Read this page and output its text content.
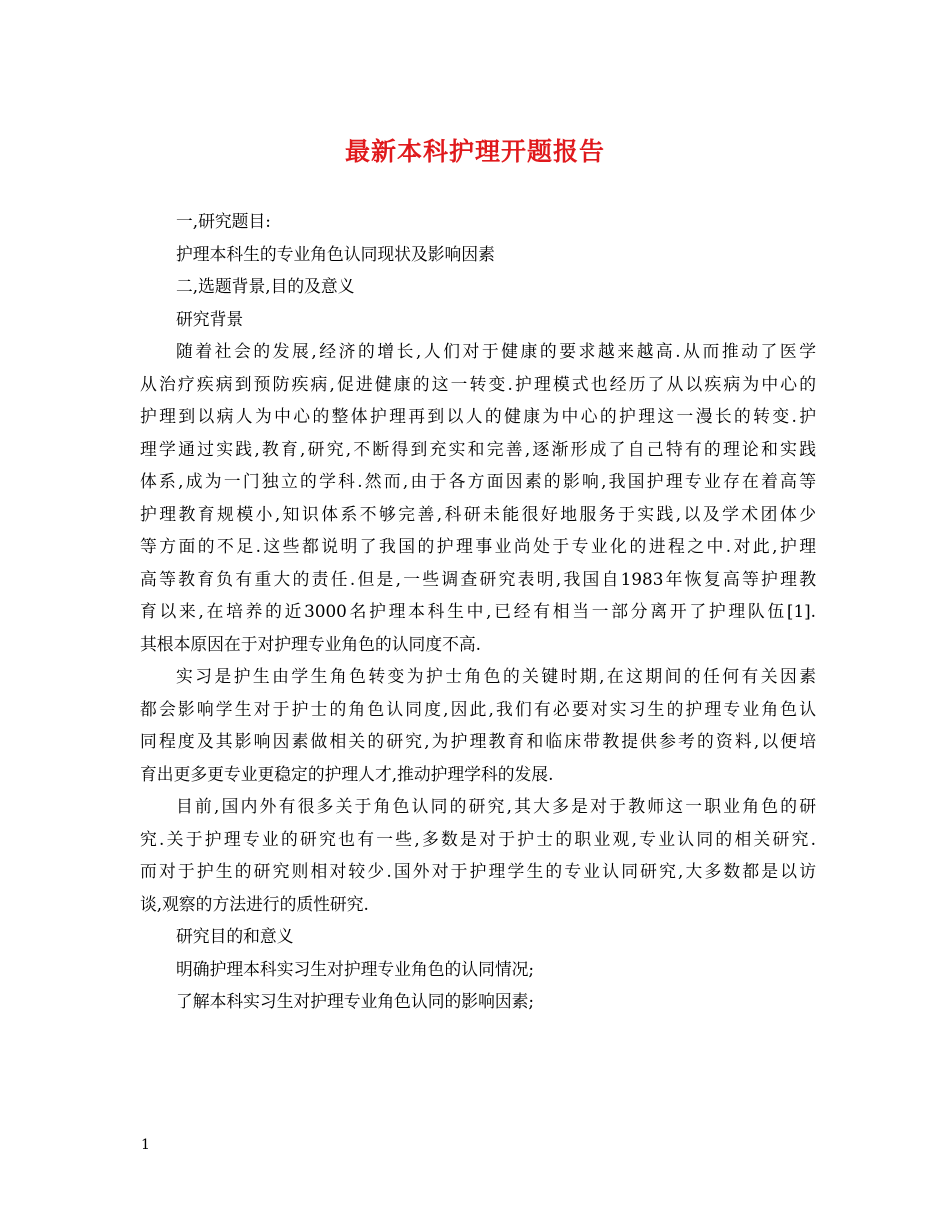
最新本科护理开题报告
一,研究题目:
护理本科生的专业角色认同现状及影响因素
二,选题背景,目的及意义
研究背景
随着社会的发展,经济的增长,人们对于健康的要求越来越高.从而推动了医学
从治疗疾病到预防疾病,促进健康的这一转变.护理模式也经历了从以疾病为中心的
护理到以病人为中心的整体护理再到以人的健康为中心的护理这一漫长的转变.护
理学通过实践,教育,研究,不断得到充实和完善,逐渐形成了自己特有的理论和实践
体系,成为一门独立的学科.然而,由于各方面因素的影响,我国护理专业存在着高等
护理教育规模小,知识体系不够完善,科研未能很好地服务于实践,以及学术团体少
等方面的不足.这些都说明了我国的护理事业尚处于专业化的进程之中.对此,护理
高等教育负有重大的责任.但是,一些调查研究表明,我国自1983年恢复高等护理教
育以来,在培养的近3000名护理本科生中,已经有相当一部分离开了护理队伍[1].
其根本原因在于对护理专业角色的认同度不高.
实习是护生由学生角色转变为护士角色的关键时期,在这期间的任何有关因素
都会影响学生对于护士的角色认同度,因此,我们有必要对实习生的护理专业角色认
同程度及其影响因素做相关的研究,为护理教育和临床带教提供参考的资料,以便培
育出更多更专业更稳定的护理人才,推动护理学科的发展.
目前,国内外有很多关于角色认同的研究,其大多是对于教师这一职业角色的研
究.关于护理专业的研究也有一些,多数是对于护士的职业观,专业认同的相关研究.
而对于护生的研究则相对较少.国外对于护理学生的专业认同研究,大多数都是以访
谈,观察的方法进行的质性研究.
研究目的和意义
明确护理本科实习生对护理专业角色的认同情况;
了解本科实习生对护理专业角色认同的影响因素;
1
